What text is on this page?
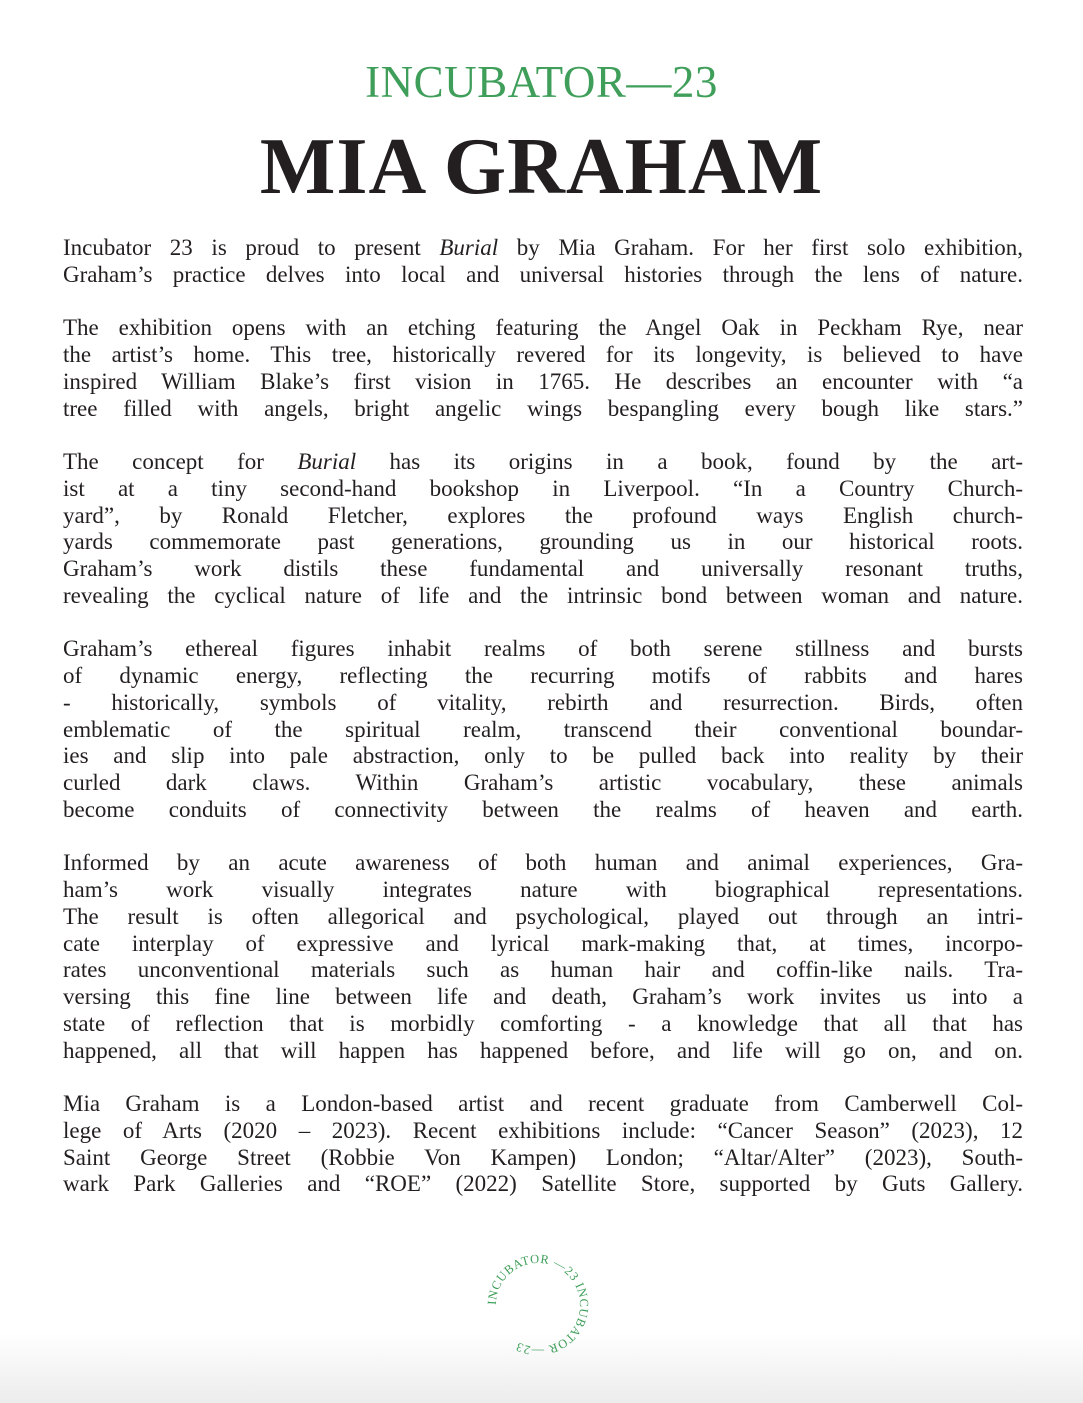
INCUBATOR—23
MIA GRAHAM
Incubator 23 is proud to present Burial by Mia Graham. For her first solo exhibition,
Graham’s practice delves into local and universal histories through the lens of nature.
The exhibition opens with an etching featuring the Angel Oak in Peckham Rye, near
the artist’s home. This tree, historically revered for its longevity, is believed to have
inspired William Blake’s first vision in 1765. He describes an encounter with “a
tree filled with angels, bright angelic wings bespangling every bough like stars.”
The concept for Burial has its origins in a book, found by the art-
ist at a tiny second-hand bookshop in Liverpool. “In a Country Church-
yard”, by Ronald Fletcher, explores the profound ways English church-
yards commemorate past generations, grounding us in our historical roots.
Graham’s work distils these fundamental and universally resonant truths,
revealing the cyclical nature of life and the intrinsic bond between woman and nature.
Graham’s ethereal figures inhabit realms of both serene stillness and bursts
of dynamic energy, reflecting the recurring motifs of rabbits and hares
- historically, symbols of vitality, rebirth and resurrection. Birds, often
emblematic of the spiritual realm, transcend their conventional boundar-
ies and slip into pale abstraction, only to be pulled back into reality by their
curled dark claws. Within Graham’s artistic vocabulary, these animals
become conduits of connectivity between the realms of heaven and earth.
Informed by an acute awareness of both human and animal experiences, Gra-
ham’s work visually integrates nature with biographical representations.
The result is often allegorical and psychological, played out through an intri-
cate interplay of expressive and lyrical mark-making that, at times, incorpo-
rates unconventional materials such as human hair and coffin-like nails. Tra-
versing this fine line between life and death, Graham’s work invites us into a
state of reflection that is morbidly comforting - a knowledge that all that has
happened, all that will happen has happened before, and life will go on, and on.
Mia Graham is a London-based artist and recent graduate from Camberwell Col-
lege of Arts (2020 – 2023). Recent exhibitions include: “Cancer Season” (2023), 12
Saint George Street (Robbie Von Kampen) London; “Altar/Alter” (2023), South-
wark Park Galleries and “ROE” (2022) Satellite Store, supported by Guts Gallery.
INCUBATOR —23 INCUBATOR —23
